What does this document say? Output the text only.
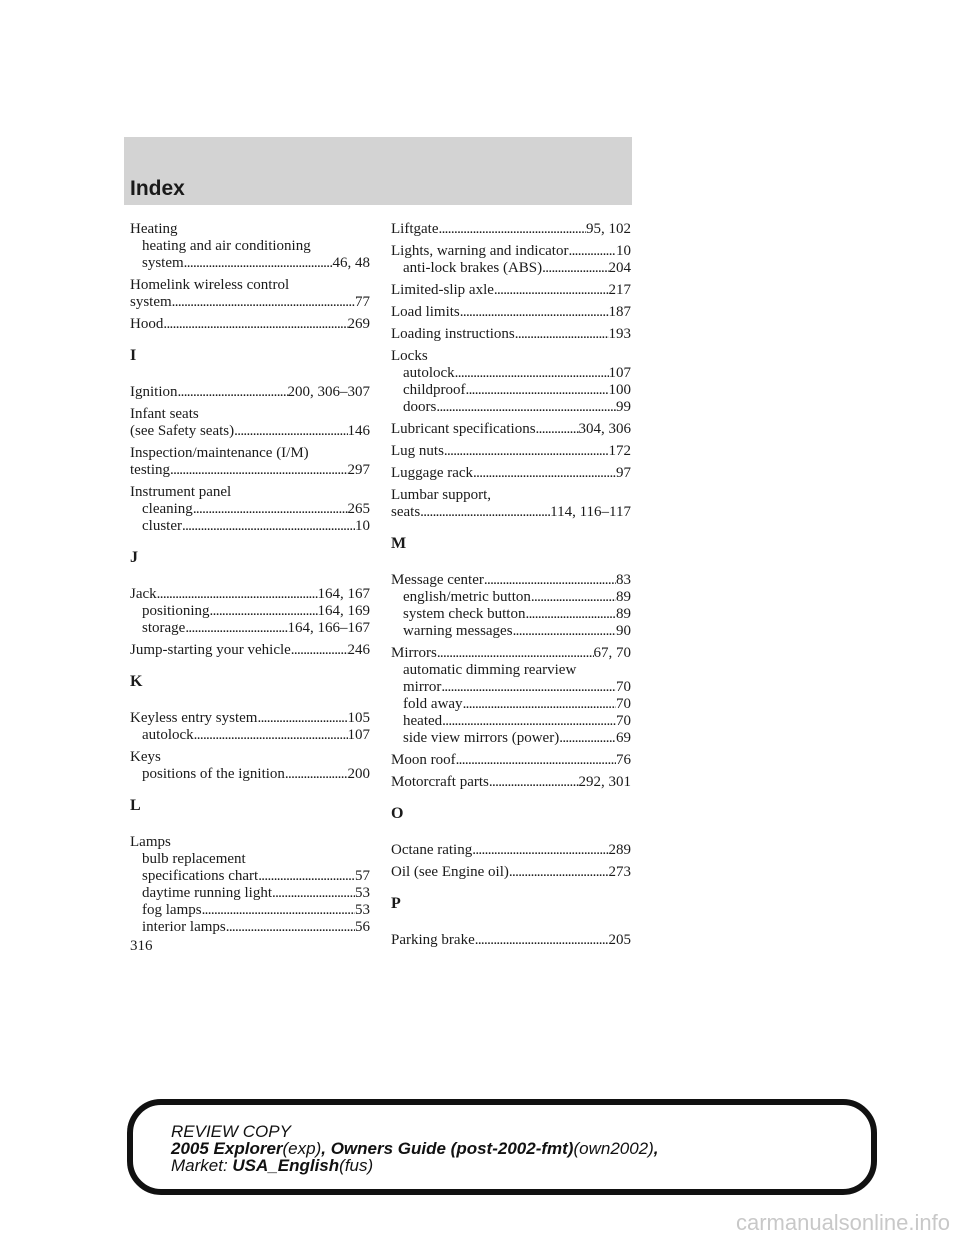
Index
Heating
heating and air conditioning
system . . .	46, 48
Homelink wireless control
system . . .	77
Hood . . .	269
I
Ignition . . .	200, 306–307
Infant seats
(see Safety seats) . . .	146
Inspection/maintenance (I/M)
testing . . .	297
Instrument panel
cleaning . . .	265
cluster . . .	10
J
Jack . . .	164, 167
positioning . . .	164, 169
storage . . .	164, 166–167
Jump-starting your vehicle . . .	246
K
Keyless entry system . . .	105
autolock . . .	107
Keys
positions of the ignition . . .	200
L
Lamps
bulb replacement
specifications chart . . .	57
daytime running light . . .	53
fog lamps . . .	53
interior lamps . . .	56
Liftgate . . .	95, 102
Lights, warning and indicator . . .	10
anti-lock brakes (ABS) . . .	204
Limited-slip axle . . .	217
Load limits . . .	187
Loading instructions . . .	193
Locks
autolock . . .	107
childproof . . .	100
doors . . .	99
Lubricant specifications . . .	304, 306
Lug nuts . . .	172
Luggage rack . . .	97
Lumbar support,
seats . . .	114, 116–117
M
Message center . . .	83
english/metric button . . .	89
system check button . . .	89
warning messages . . .	90
Mirrors . . .	67, 70
automatic dimming rearview
mirror . . .	70
fold away . . .	70
heated . . .	70
side view mirrors (power) . . .	69
Moon roof . . .	76
Motorcraft parts . . .	292, 301
O
Octane rating . . .	289
Oil (see Engine oil) . . .	273
P
Parking brake . . .	205
316
REVIEW COPY
2005 Explorer(exp), Owners Guide (post-2002-fmt)(own2002),
Market: USA_English(fus)
carmanualsonline.info
